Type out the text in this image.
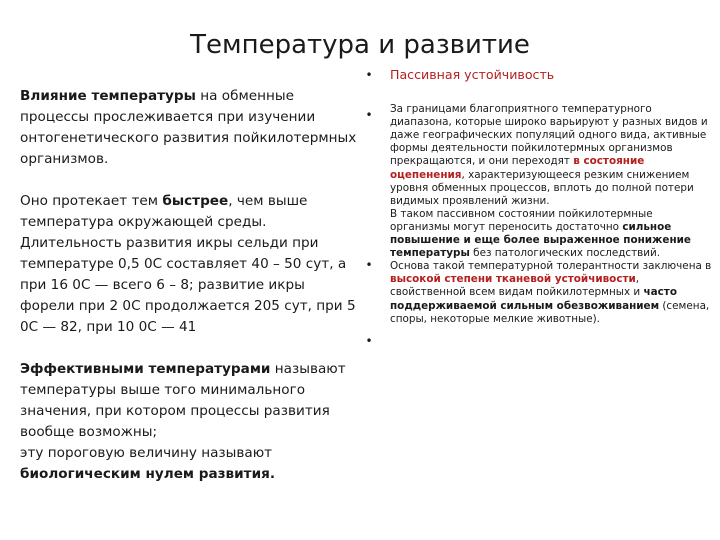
Температура и развитие

Влияние температуры на обменные процессы прослеживается при изучении онтогенетического развития пойкилотермных организмов.

Оно протекает тем быстрее, чем выше температура окружающей среды. Длительность развития икры сельди при температуре 0,5 0С составляет 40 – 50 сут, а при 16 0С — всего 6 – 8; развитие икры форели при 2 0С продолжается 205 сут, при 5 0С — 82, при 10 0С — 41

Эффективными температурами называют температуры выше того минимального значения, при котором процессы развития вообще возможны;
эту пороговую величину называют биологическим нулем развития.

•
•
•
•
Пассивная устойчивость

За границами благоприятного температурного диапазона, которые широко варьируют у разных видов и даже географических популяций одного вида, активные формы деятельности пойкилотермных организмов прекращаются, и они переходят в состояние оцепенения, характеризующееся резким снижением уровня обменных процессов, вплоть до полной потери видимых проявлений жизни.

В таком пассивном состоянии пойкилотермные организмы могут переносить достаточно сильное повышение и еще более выраженное понижение температуры без патологических последствий.

Основа такой температурной толерантности заключена в высокой степени тканевой устойчивости, свойственной всем видам пойкилотермных и часто поддерживаемой сильным обезвоживанием (семена, споры, некоторые мелкие животные).
